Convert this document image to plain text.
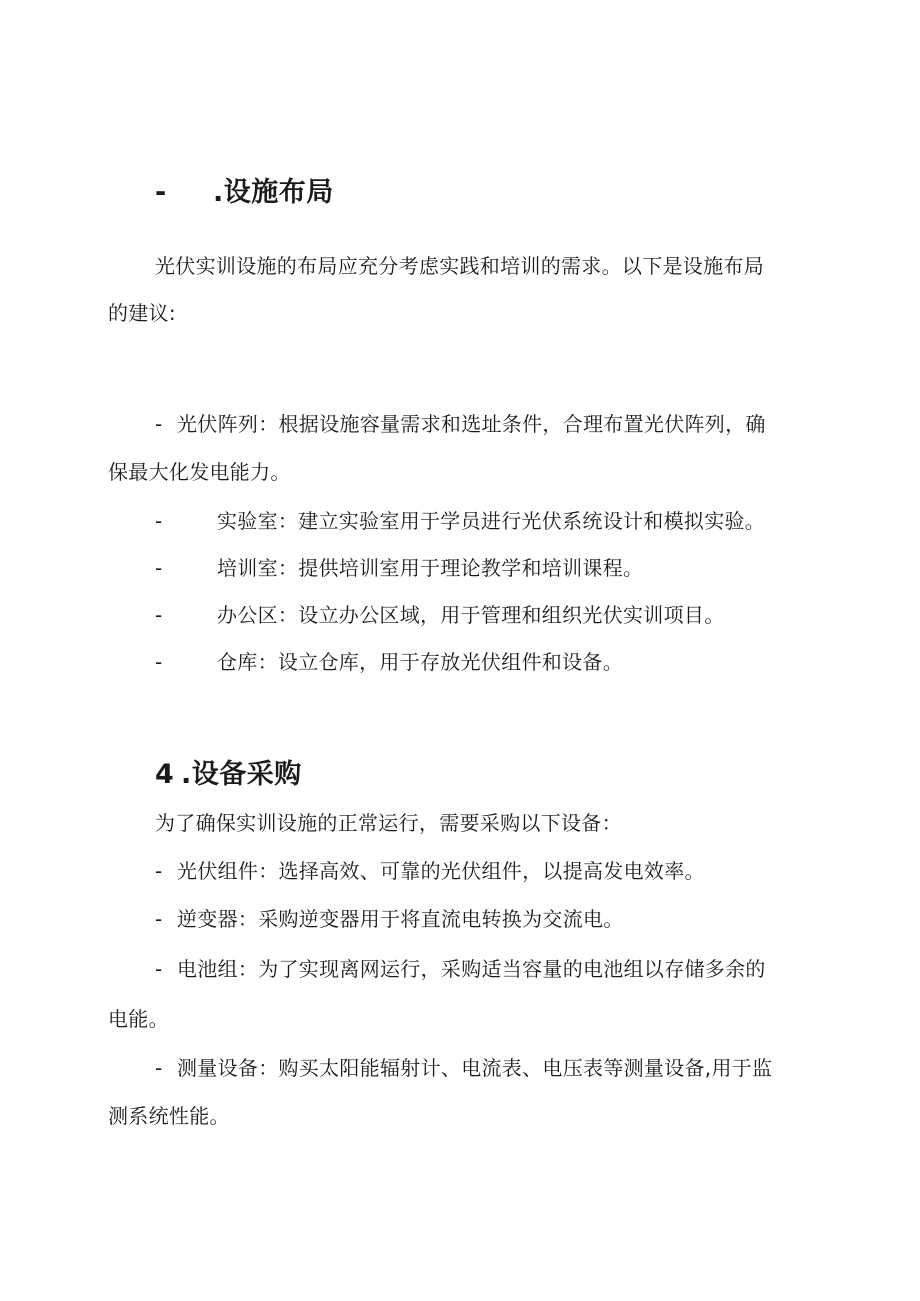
- .设施布局
光伏实训设施的布局应充分考虑实践和培训的需求。以下是设施布局
的建议:
- 光伏阵列：根据设施容量需求和选址条件，合理布置光伏阵列，确
保最大化发电能力。
-	实验室：建立实验室用于学员进行光伏系统设计和模拟实验。
-	培训室：提供培训室用于理论教学和培训课程。
-	办公区：设立办公区域，用于管理和组织光伏实训项目。
-	仓库：设立仓库，用于存放光伏组件和设备。
4 .设备采购
为了确保实训设施的正常运行，需要采购以下设备：
- 光伏组件：选择高效、可靠的光伏组件，以提高发电效率。
- 逆变器：采购逆变器用于将直流电转换为交流电。
- 电池组：为了实现离网运行，采购适当容量的电池组以存储多余的
电能。
- 测量设备：购买太阳能辐射计、电流表、电压表等测量设备,用于监
测系统性能。
